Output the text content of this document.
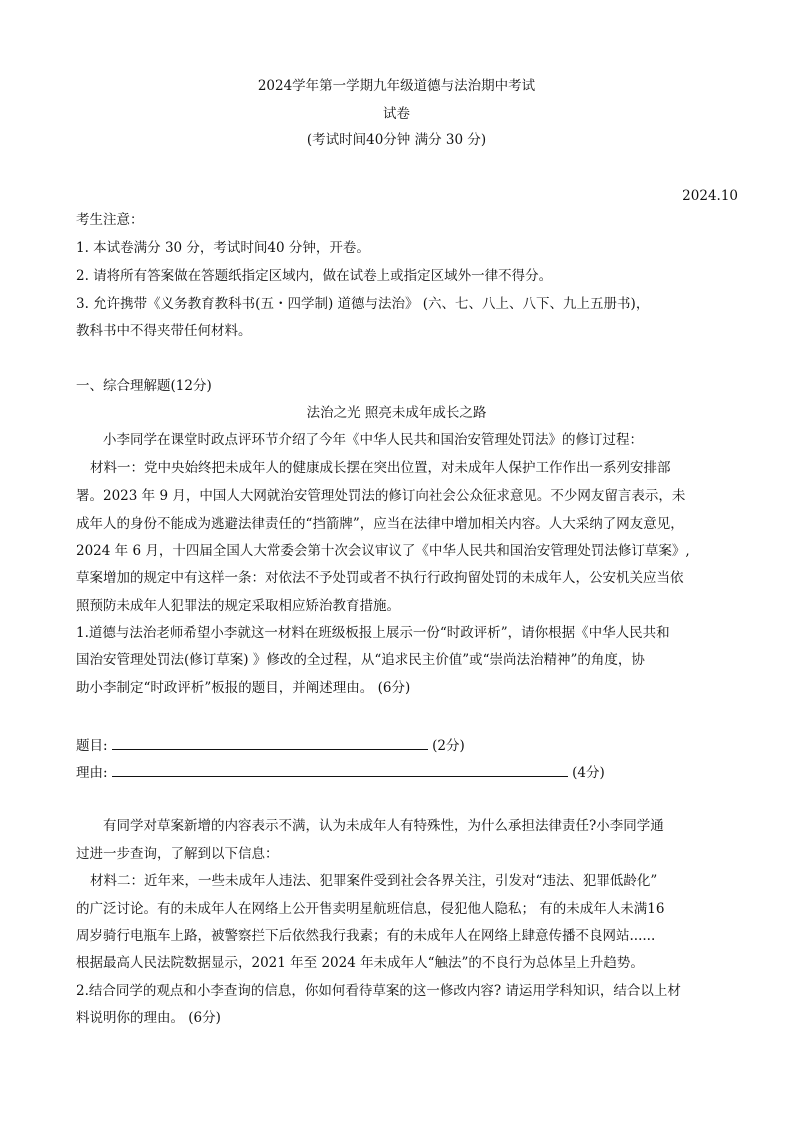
2024学年第一学期九年级道德与法治期中考试
试卷
(考试时间40分钟 满分 30 分)
2024.10
考生注意：
1. 本试卷满分 30 分，考试时间40 分钟，开卷。
2. 请将所有答案做在答题纸指定区域内，做在试卷上或指定区域外一律不得分。
3. 允许携带《义务教育教科书(五・四学制) 道德与法治》 (六、七、八上、八下、九上五册书)，
教科书中不得夹带任何材料。
一、综合理解题(12分)
法治之光 照亮未成年成长之路
小李同学在课堂时政点评环节介绍了今年《中华人民共和国治安管理处罚法》的修订过程：
材料一：党中央始终把未成年人的健康成长摆在突出位置，对未成年人保护工作作出一系列安排部
署。2023 年 9 月，中国人大网就治安管理处罚法的修订向社会公众征求意见。不少网友留言表示，未
成年人的身份不能成为逃避法律责任的“挡箭牌”，应当在法律中增加相关内容。人大采纳了网友意见，
2024 年 6 月，十四届全国人大常委会第十次会议审议了《中华人民共和国治安管理处罚法修订草案》,
草案增加的规定中有这样一条：对依法不予处罚或者不执行行政拘留处罚的未成年人，公安机关应当依
照预防未成年人犯罪法的规定采取相应矫治教育措施。
1.道德与法治老师希望小李就这一材料在班级板报上展示一份“时政评析”，请你根据《中华人民共和
国治安管理处罚法(修订草案) 》修改的全过程，从“追求民主价值”或“崇尚法治精神”的角度，协
助小李制定“时政评析”板报的题目，并阐述理由。 (6分)
题目:	(2分)
理由:	(4分)
有同学对草案新增的内容表示不满，认为未成年人有特殊性，为什么承担法律责任?小李同学通
过进一步查询，了解到以下信息：
材料二：近年来，一些未成年人违法、犯罪案件受到社会各界关注，引发对“违法、犯罪低龄化”
的广泛讨论。有的未成年人在网络上公开售卖明星航班信息，侵犯他人隐私； 有的未成年人未满16
周岁骑行电瓶车上路，被警察拦下后依然我行我素；有的未成年人在网络上肆意传播不良网站......
根据最高人民法院数据显示，2021 年至 2024 年未成年人“触法”的不良行为总体呈上升趋势。
2.结合同学的观点和小李查询的信息，你如何看待草案的这一修改内容? 请运用学科知识，结合以上材
料说明你的理由。 (6分)
